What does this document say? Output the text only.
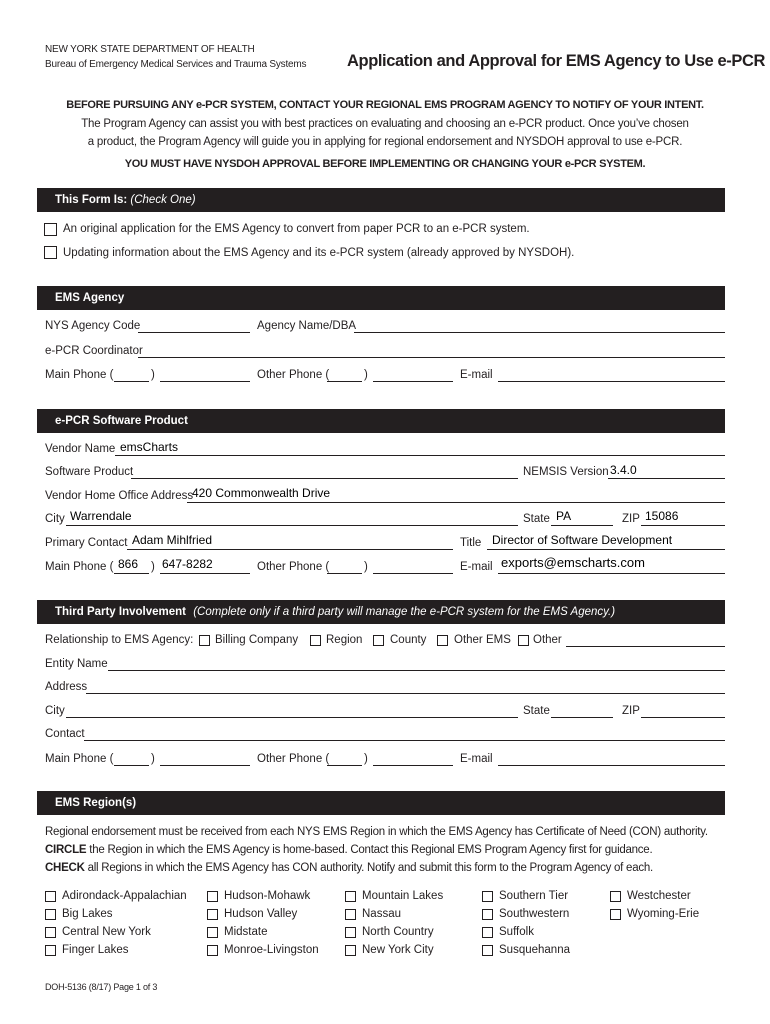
NEW YORK STATE DEPARTMENT OF HEALTH
Bureau of Emergency Medical Services and Trauma Systems Application and Approval for EMS Agency to Use e-PCR
BEFORE PURSUING ANY e-PCR SYSTEM, CONTACT YOUR REGIONAL EMS PROGRAM AGENCY TO NOTIFY OF YOUR INTENT.
The Program Agency can assist you with best practices on evaluating and choosing an e-PCR product. Once you’ve chosen
a product, the Program Agency will guide you in applying for regional endorsement and NYSDOH approval to use e-PCR.
YOU MUST HAVE NYSDOH APPROVAL BEFORE IMPLEMENTING OR CHANGING YOUR e-PCR SYSTEM.
This Form Is: (Check One)
An original application for the EMS Agency to convert from paper PCR to an e-PCR system.
Updating information about the EMS Agency and its e-PCR system (already approved by NYSDOH).
EMS Agency
NYS Agency Code	Agency Name/DBA
e-PCR Coordinator
Main Phone (	)	Other Phone (	)	E-mail
e-PCR Software Product
Vendor Name emsCharts
Software Product	NEMSIS Version 3.4.0
Vendor Home Office Address
420 Commonwealth Drive
City Warrendale	State PA	ZIP 15086
Primary Contact Adam Mihlfried	Title Director of Software Development
Main Phone ( 866 ) 647-8282	Other Phone (	)	E-mail exports@emscharts.com
Third Party Involvement (Complete only if a third party will manage the e-PCR system for the EMS Agency.)
Relationship to EMS Agency: Billing Company Region County Other EMS Other
Entity Name
Address
City	State	ZIP
Contact
Main Phone (	)	Other Phone (	)	E-mail
EMS Region(s)
Regional endorsement must be received from each NYS EMS Region in which the EMS Agency has Certificate of Need (CON) authority.
CIRCLE the Region in which the EMS Agency is home-based. Contact this Regional EMS Program Agency first for guidance.
CHECK all Regions in which the EMS Agency has CON authority. Notify and submit this form to the Program Agency of each.
Adirondack-Appalachian
Big Lakes
Central New York
Finger Lakes
Hudson-Mohawk
Hudson Valley
Midstate
Monroe-Livingston
Mountain Lakes
Nassau
North Country
New York City
Southern Tier
Southwestern
Suffolk
Susquehanna
Westchester
Wyoming-Erie
DOH-5136 (8/17) Page 1 of 3
